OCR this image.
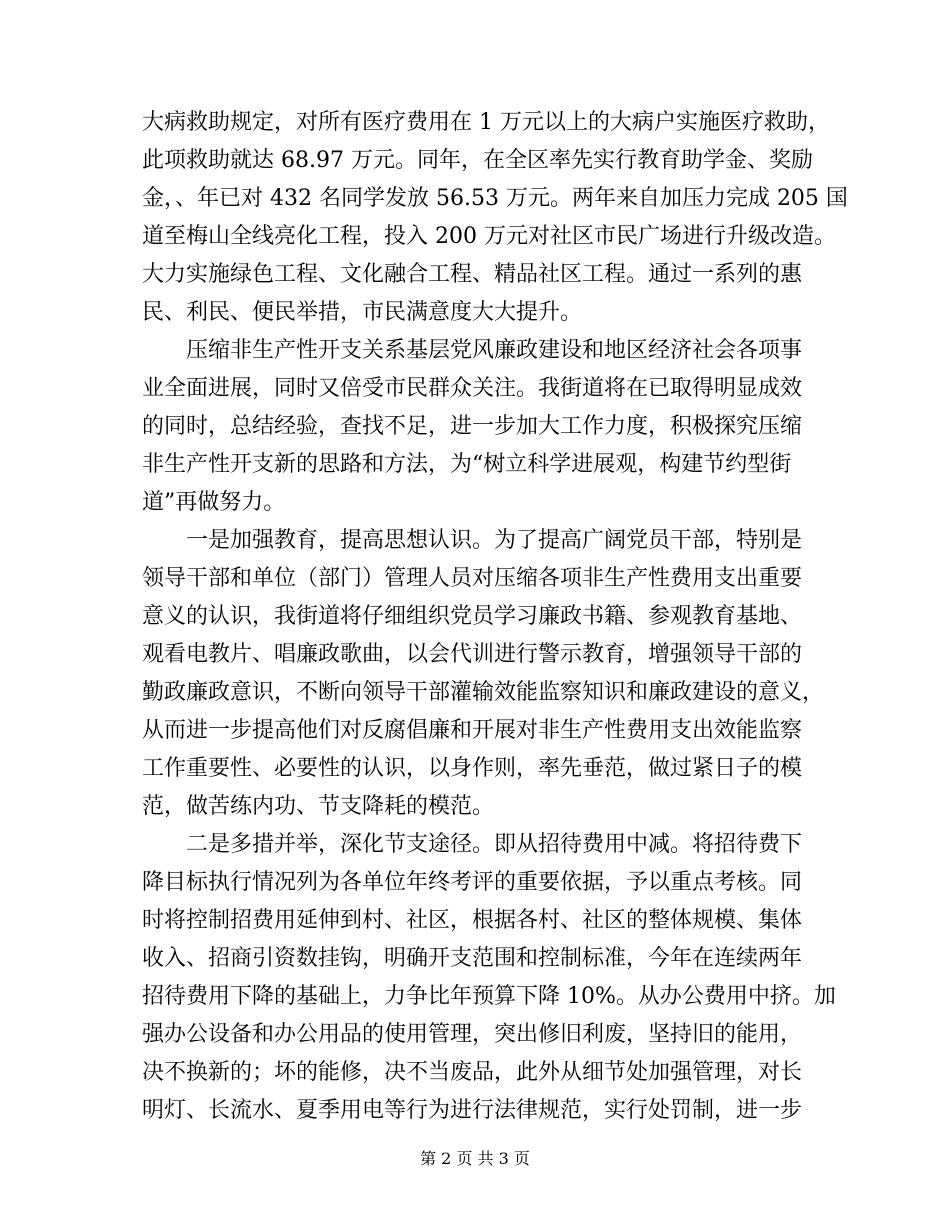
大病救助规定，对所有医疗费用在 1 万元以上的大病户实施医疗救助，
此项救助就达 68.97 万元。同年，在全区率先实行教育助学金、奖励
金，、年已对 432 名同学发放 56.53 万元。两年来自加压力完成 205 国
道至梅山全线亮化工程，投入 200 万元对社区市民广场进行升级改造。
大力实施绿色工程、文化融合工程、精品社区工程。通过一系列的惠
民、利民、便民举措，市民满意度大大提升。
　　压缩非生产性开支关系基层党风廉政建设和地区经济社会各项事
业全面进展，同时又倍受市民群众关注。我街道将在已取得明显成效
的同时，总结经验，查找不足，进一步加大工作力度，积极探究压缩
非生产性开支新的思路和方法，为“树立科学进展观，构建节约型街
道”再做努力。
　　一是加强教育，提高思想认识。为了提高广阔党员干部，特别是
领导干部和单位（部门）管理人员对压缩各项非生产性费用支出重要
意义的认识，我街道将仔细组织党员学习廉政书籍、参观教育基地、
观看电教片、唱廉政歌曲，以会代训进行警示教育，增强领导干部的
勤政廉政意识，不断向领导干部灌输效能监察知识和廉政建设的意义，
从而进一步提高他们对反腐倡廉和开展对非生产性费用支出效能监察
工作重要性、必要性的认识，以身作则，率先垂范，做过紧日子的模
范，做苦练内功、节支降耗的模范。
　　二是多措并举，深化节支途径。即从招待费用中减。将招待费下
降目标执行情况列为各单位年终考评的重要依据，予以重点考核。同
时将控制招费用延伸到村、社区，根据各村、社区的整体规模、集体
收入、招商引资数挂钩，明确开支范围和控制标准，今年在连续两年
招待费用下降的基础上，力争比年预算下降 10%。从办公费用中挤。加
强办公设备和办公用品的使用管理，突出修旧利废，坚持旧的能用，
决不换新的；坏的能修，决不当废品，此外从细节处加强管理，对长
明灯、长流水、夏季用电等行为进行法律规范，实行处罚制，进一步
第 2 页 共 3 页
